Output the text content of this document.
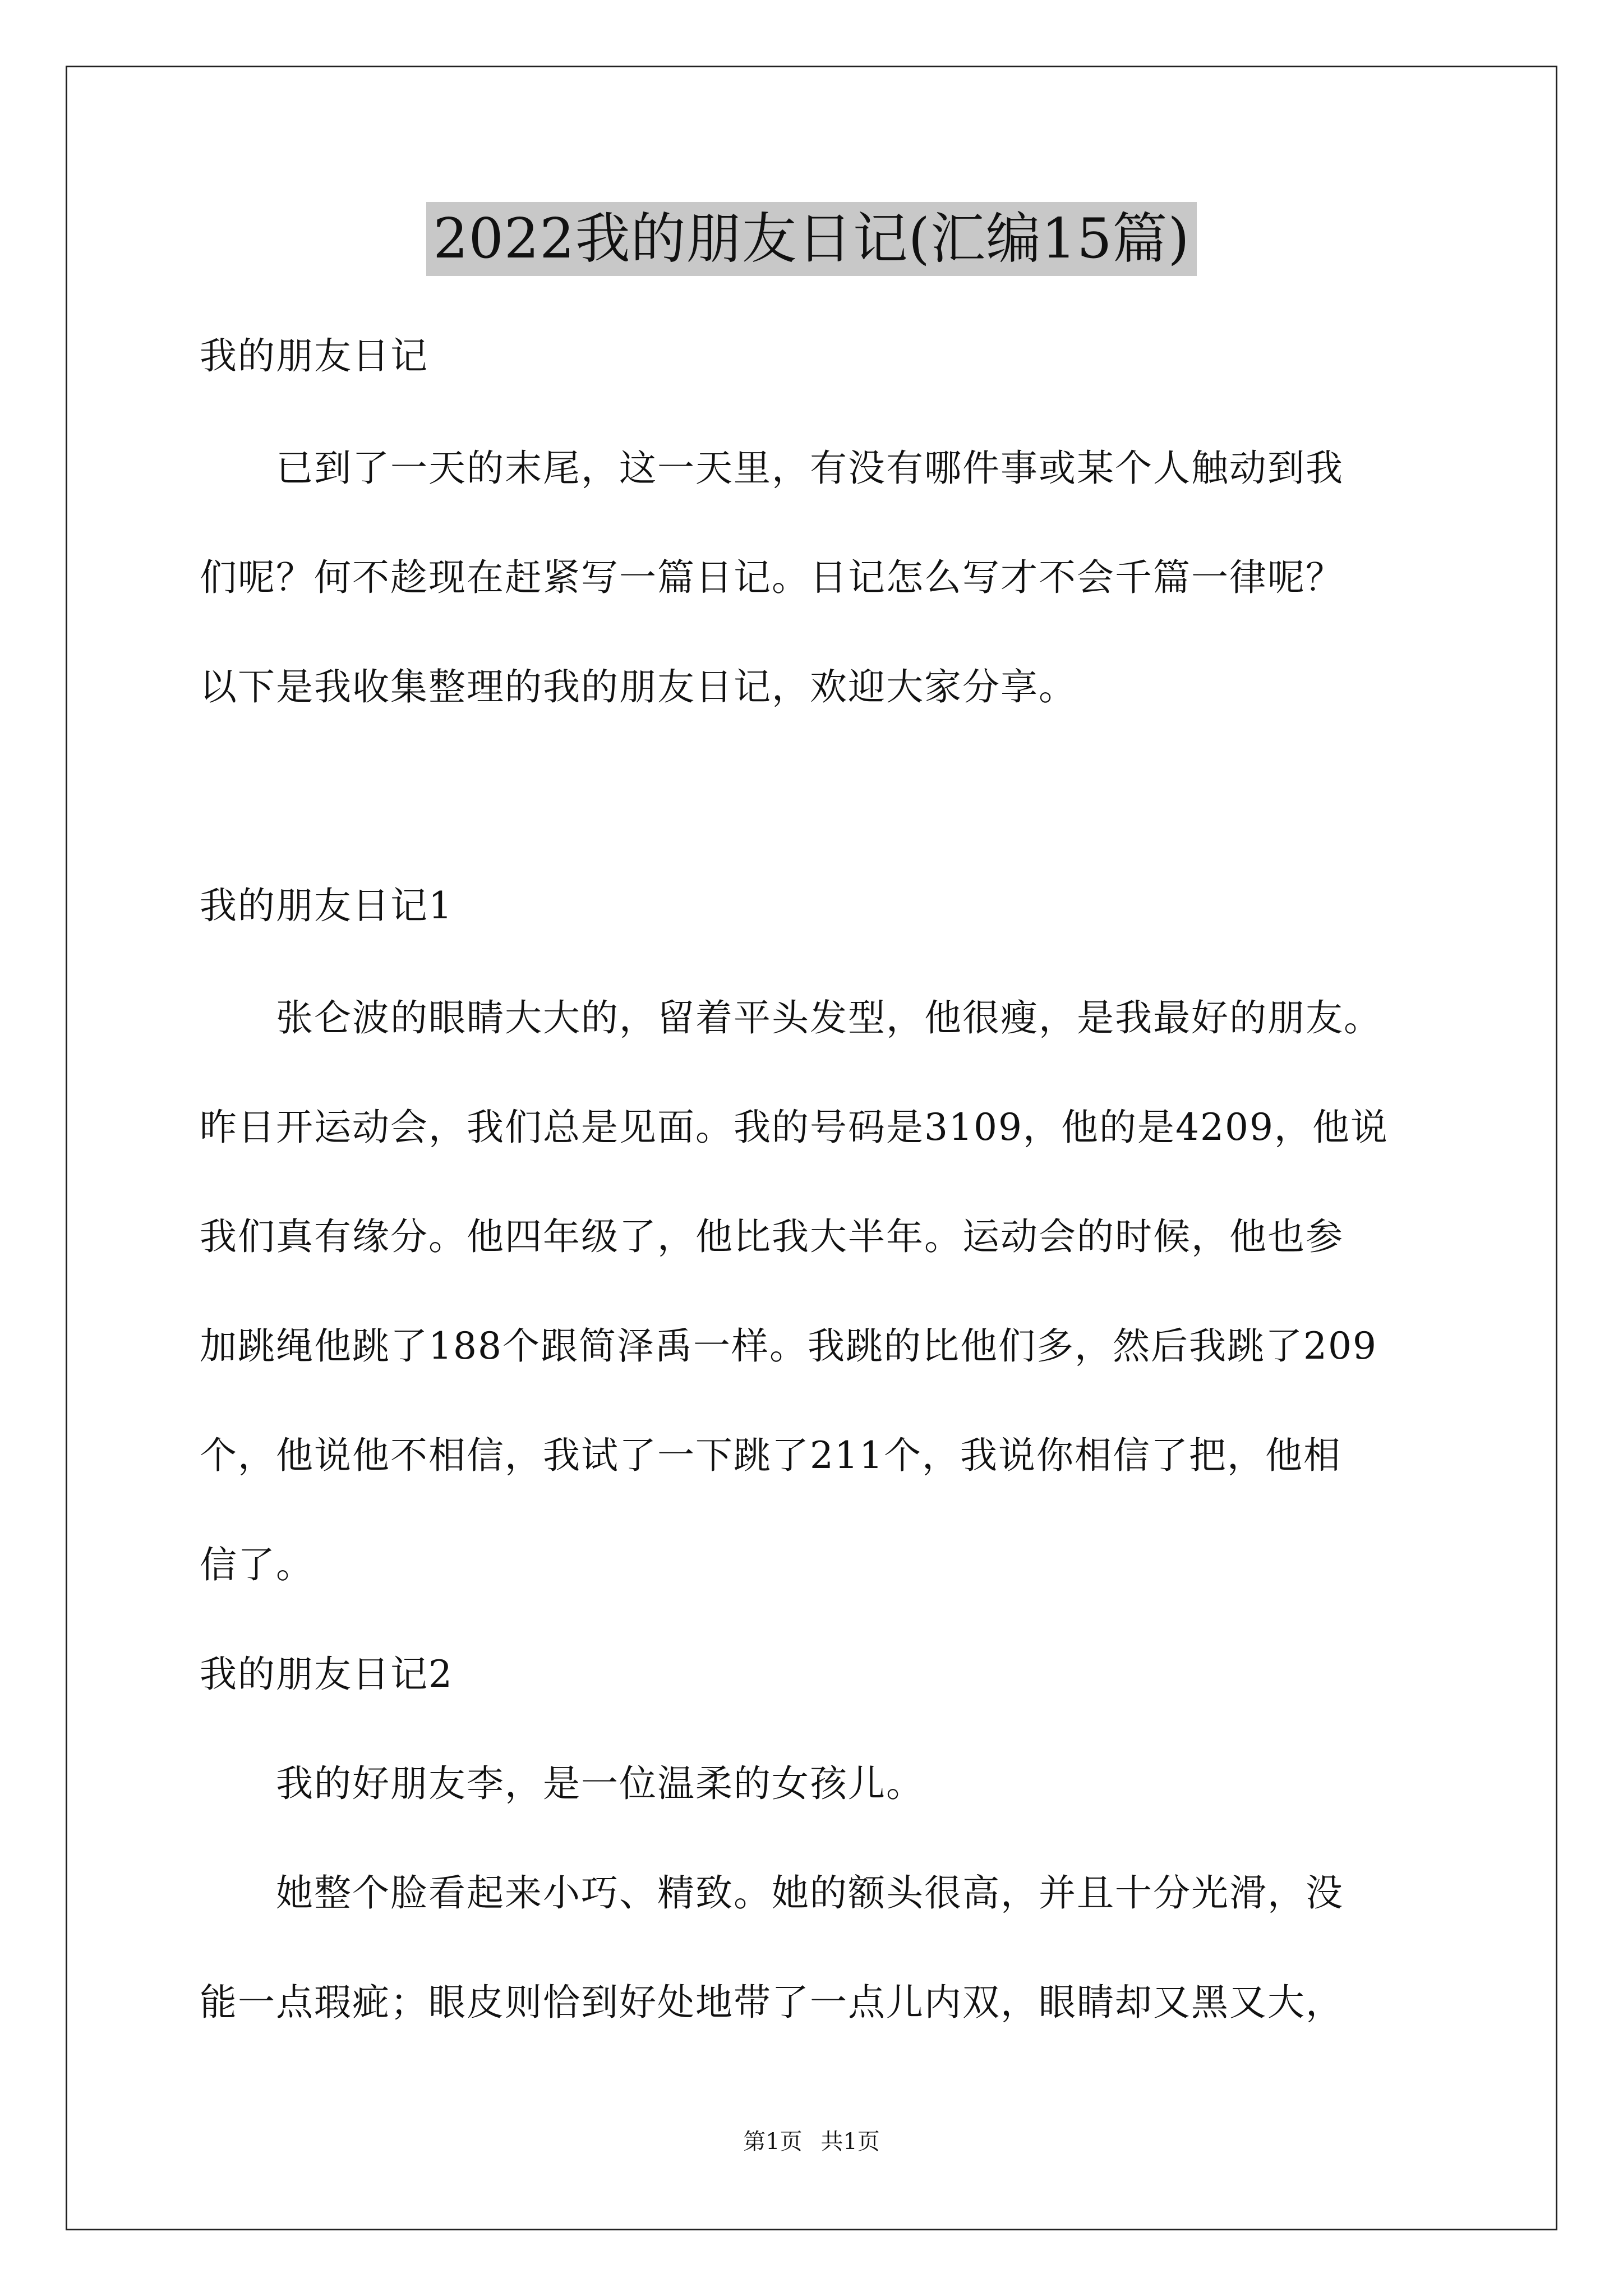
2022我的朋友日记(汇编15篇)
我的朋友日记
　　已到了一天的末尾，这一天里，有没有哪件事或某个人触动到我
们呢？何不趁现在赶紧写一篇日记。日记怎么写才不会千篇一律呢？
以下是我收集整理的我的朋友日记，欢迎大家分享。
我的朋友日记1
　　张仑波的眼睛大大的，留着平头发型，他很瘦，是我最好的朋友。
昨日开运动会，我们总是见面。我的号码是3109，他的是4209，他说
我们真有缘分。他四年级了，他比我大半年。运动会的时候，他也参
加跳绳他跳了188个跟简泽禹一样。我跳的比他们多，然后我跳了209
个，他说他不相信，我试了一下跳了211个，我说你相信了把，他相
信了。
我的朋友日记2
　　我的好朋友李，是一位温柔的女孩儿。
　　她整个脸看起来小巧、精致。她的额头很高，并且十分光滑，没
能一点瑕疵；眼皮则恰到好处地带了一点儿内双，眼睛却又黑又大，
第1页 共1页
